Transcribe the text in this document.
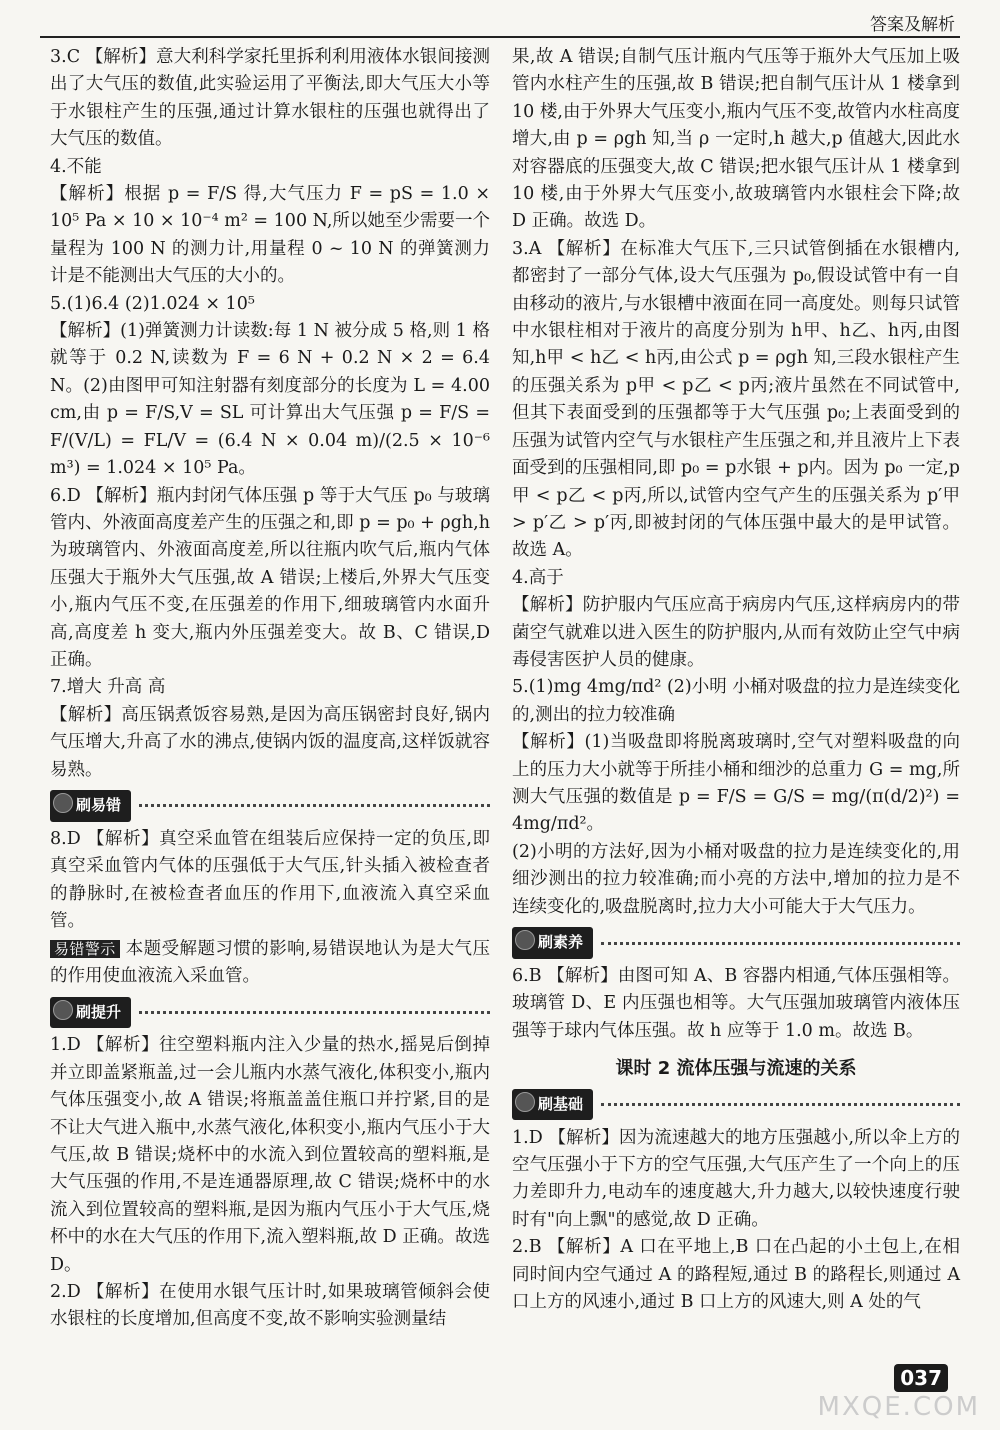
答案及解析

3.C 【解析】意大利科学家托里拆利利用液体水银间接测出了大气压的数值,此实验运用了平衡法,即大气压大小等于水银柱产生的压强,通过计算水银柱的压强也就得出了大气压的数值。

4.不能

【解析】根据 p = F/S 得,大气压力 F = pS = 1.0 × 10⁵ Pa × 10 × 10⁻⁴ m² = 100 N,所以她至少需要一个量程为 100 N 的测力计,用量程 0 ~ 10 N 的弹簧测力计是不能测出大气压的大小的。

5.(1)6.4 (2)1.024 × 10⁵

【解析】(1)弹簧测力计读数:每 1 N 被分成 5 格,则 1 格就等于 0.2 N,读数为 F = 6 N + 0.2 N × 2 = 6.4 N。(2)由图甲可知注射器有刻度部分的长度为 L = 4.00 cm,由 p = F/S,V = SL 可计算出大气压强 p = F/S = F/(V/L) = FL/V = (6.4 N × 0.04 m)/(2.5 × 10⁻⁶ m³) = 1.024 × 10⁵ Pa。

6.D 【解析】瓶内封闭气体压强 p 等于大气压 p₀ 与玻璃管内、外液面高度差产生的压强之和,即 p = p₀ + ρgh,h 为玻璃管内、外液面高度差,所以往瓶内吹气后,瓶内气体压强大于瓶外大气压强,故 A 错误;上楼后,外界大气压变小,瓶内气压不变,在压强差的作用下,细玻璃管内水面升高,高度差 h 变大,瓶内外压强差变大。故 B、C 错误,D 正确。

7.增大 升高 高

【解析】高压锅煮饭容易熟,是因为高压锅密封良好,锅内气压增大,升高了水的沸点,使锅内饭的温度高,这样饭就容易熟。

刷易错

8.D 【解析】真空采血管在组装后应保持一定的负压,即真空采血管内气体的压强低于大气压,针头插入被检查者的静脉时,在被检查者血压的作用下,血液流入真空采血管。

易错警示 本题受解题习惯的影响,易错误地认为是大气压的作用使血液流入采血管。

刷提升

1.D 【解析】往空塑料瓶内注入少量的热水,摇晃后倒掉并立即盖紧瓶盖,过一会儿瓶内水蒸气液化,体积变小,瓶内气体压强变小,故 A 错误;将瓶盖盖住瓶口并拧紧,目的是不让大气进入瓶中,水蒸气液化,体积变小,瓶内气压小于大气压,故 B 错误;烧杯中的水流入到位置较高的塑料瓶,是大气压强的作用,不是连通器原理,故 C 错误;烧杯中的水流入到位置较高的塑料瓶,是因为瓶内气压小于大气压,烧杯中的水在大气压的作用下,流入塑料瓶,故 D 正确。故选 D。

2.D 【解析】在使用水银气压计时,如果玻璃管倾斜会使水银柱的长度增加,但高度不变,故不影响实验测量结

果,故 A 错误;自制气压计瓶内气压等于瓶外大气压加上吸管内水柱产生的压强,故 B 错误;把自制气压计从 1 楼拿到 10 楼,由于外界大气压变小,瓶内气压不变,故管内水柱高度增大,由 p = ρgh 知,当 ρ 一定时,h 越大,p 值越大,因此水对容器底的压强变大,故 C 错误;把水银气压计从 1 楼拿到 10 楼,由于外界大气压变小,故玻璃管内水银柱会下降;故 D 正确。故选 D。

3.A 【解析】在标准大气压下,三只试管倒插在水银槽内,都密封了一部分气体,设大气压强为 p₀,假设试管中有一自由移动的液片,与水银槽中液面在同一高度处。则每只试管中水银柱相对于液片的高度分别为 h甲、h乙、h丙,由图知,h甲 < h乙 < h丙,由公式 p = ρgh 知,三段水银柱产生的压强关系为 p甲 < p乙 < p丙;液片虽然在不同试管中,但其下表面受到的压强都等于大气压强 p₀;上表面受到的压强为试管内空气与水银柱产生压强之和,并且液片上下表面受到的压强相同,即 p₀ = p水银 + p内。因为 p₀ 一定,p甲 < p乙 < p丙,所以,试管内空气产生的压强关系为 p′甲 > p′乙 > p′丙,即被封闭的气体压强中最大的是甲试管。故选 A。

4.高于

【解析】防护服内气压应高于病房内气压,这样病房内的带菌空气就难以进入医生的防护服内,从而有效防止空气中病毒侵害医护人员的健康。

5.(1)mg 4mg/πd² (2)小明 小桶对吸盘的拉力是连续变化的,测出的拉力较准确

【解析】(1)当吸盘即将脱离玻璃时,空气对塑料吸盘的向上的压力大小就等于所挂小桶和细沙的总重力 G = mg,所测大气压强的数值是 p = F/S = G/S = mg/(π(d/2)²) = 4mg/πd²。

(2)小明的方法好,因为小桶对吸盘的拉力是连续变化的,用细沙测出的拉力较准确;而小亮的方法中,增加的拉力是不连续变化的,吸盘脱离时,拉力大小可能大于大气压力。

刷素养

6.B 【解析】由图可知 A、B 容器内相通,气体压强相等。玻璃管 D、E 内压强也相等。大气压强加玻璃管内液体压强等于球内气体压强。故 h 应等于 1.0 m。故选 B。

课时 2 流体压强与流速的关系
刷基础

1.D 【解析】因为流速越大的地方压强越小,所以伞上方的空气压强小于下方的空气压强,大气压产生了一个向上的压力差即升力,电动车的速度越大,升力越大,以较快速度行驶时有"向上飘"的感觉,故 D 正确。

2.B 【解析】A 口在平地上,B 口在凸起的小土包上,在相同时间内空气通过 A 的路程短,通过 B 的路程长,则通过 A 口上方的风速小,通过 B 口上方的风速大,则 A 处的气

037
MXQE.COM
